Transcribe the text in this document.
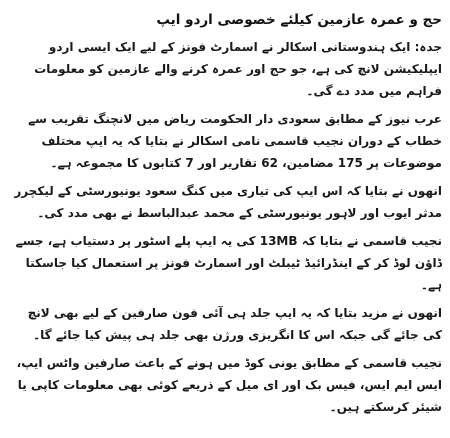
حج و عمرہ عازمین کیلئے خصوصی اردو ایپ

جدہ: ایک ہندوستانی اسکالر نے اسمارٹ فونز کے لیے ایک ایسی اردو ایپلیکیشن لانچ کی ہے، جو حج اور عمرہ کرنے والے عازمین کو معلومات فراہم میں مدد دے گی۔

عرب نیوز کے مطابق سعودی دار الحکومت ریاض میں لانچنگ تقریب سے خطاب کے دوران نجیب قاسمی نامی اسکالر نے بتایا کہ یہ ایپ مختلف موضوعات پر 175 مضامین، 62 تقاریر اور 7 کتابوں کا مجموعہ ہے۔

انھوں نے بتایا کہ اس ایپ کی تیاری میں کنگ سعود یونیورسٹی کے لیکچرر مدثر ایوب اور لاہور یونیورسٹی کے محمد عبدالباسط نے بھی مدد کی۔

نجیب قاسمی نے بتایا کہ 13MB کی یہ ایپ پلے اسٹور پر دستیاب ہے، جسے ڈاؤن لوڈ کر کے اینڈرائیڈ ٹیبلٹ اور اسمارٹ فونز پر استعمال کیا جاسکتا ہے۔

انھوں نے مزید بتایا کہ یہ ایپ جلد ہی آئی فون صارفین کے لیے بھی لانچ کی جائے گی جبکہ اس کا انگریزی ورژن بھی جلد ہی پیش کیا جائے گا۔

نجیب قاسمی کے مطابق یونی کوڈ میں ہونے کے باعث صارفین واٹس ایپ، ایس ایم ایس، فیس بک اور ای میل کے ذریعے کوئی بھی معلومات کاپی یا شیئر کرسکتے ہیں۔
